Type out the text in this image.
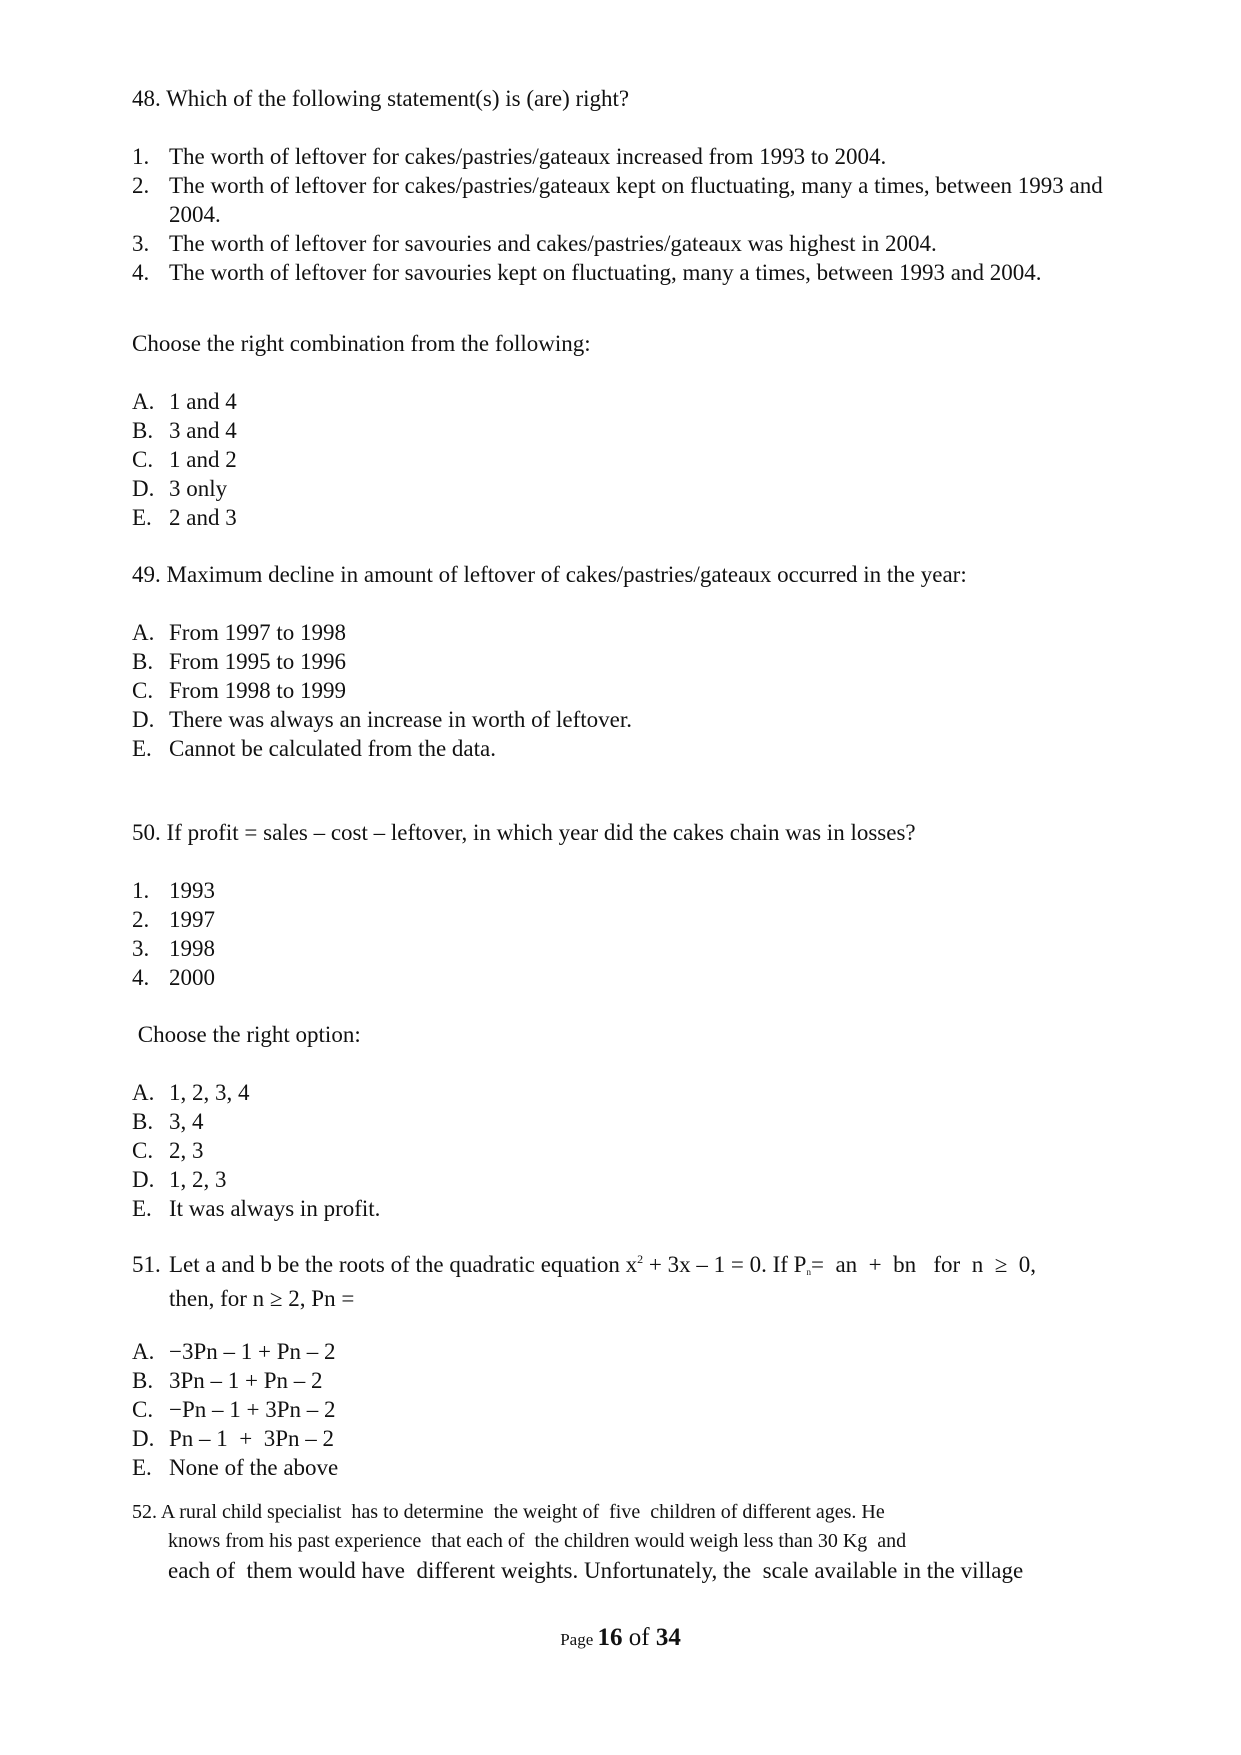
48. Which of the following statement(s) is (are) right?
1. The worth of leftover for cakes/pastries/gateaux increased from 1993 to 2004.
2. The worth of leftover for cakes/pastries/gateaux kept on fluctuating, many a times, between 1993 and 2004.
3. The worth of leftover for savouries and cakes/pastries/gateaux was highest in 2004.
4. The worth of leftover for savouries kept on fluctuating, many a times, between 1993 and 2004.
Choose the right combination from the following:
A. 1 and 4
B. 3 and 4
C. 1 and 2
D. 3 only
E. 2 and 3
49. Maximum decline in amount of leftover of cakes/pastries/gateaux occurred in the year:
A. From 1997 to 1998
B. From 1995 to 1996
C. From 1998 to 1999
D. There was always an increase in worth of leftover.
E. Cannot be calculated from the data.
50. If profit = sales – cost – leftover, in which year did the cakes chain was in losses?
1. 1993
2. 1997
3. 1998
4. 2000
Choose the right option:
A. 1, 2, 3, 4
B. 3, 4
C. 2, 3
D. 1, 2, 3
E. It was always in profit.
51. Let a and b be the roots of the quadratic equation $x^2 + 3x - 1 = 0$. If Pn=  an  +  bn   for  n  ≥  0,
then, for n ≥ 2, Pn =
A. −3Pn – 1 + Pn – 2
B. 3Pn – 1 + Pn – 2
C. −Pn – 1 + 3Pn – 2
D. Pn – 1  +  3Pn – 2
E. None of the above
52. A rural child specialist  has to determine  the weight of  five  children of different ages. He
knows from his past experience  that each of  the children would weigh less than 30 Kg  and
each of  them would have  different weights. Unfortunately, the  scale available in the village
Page 16 of 34
